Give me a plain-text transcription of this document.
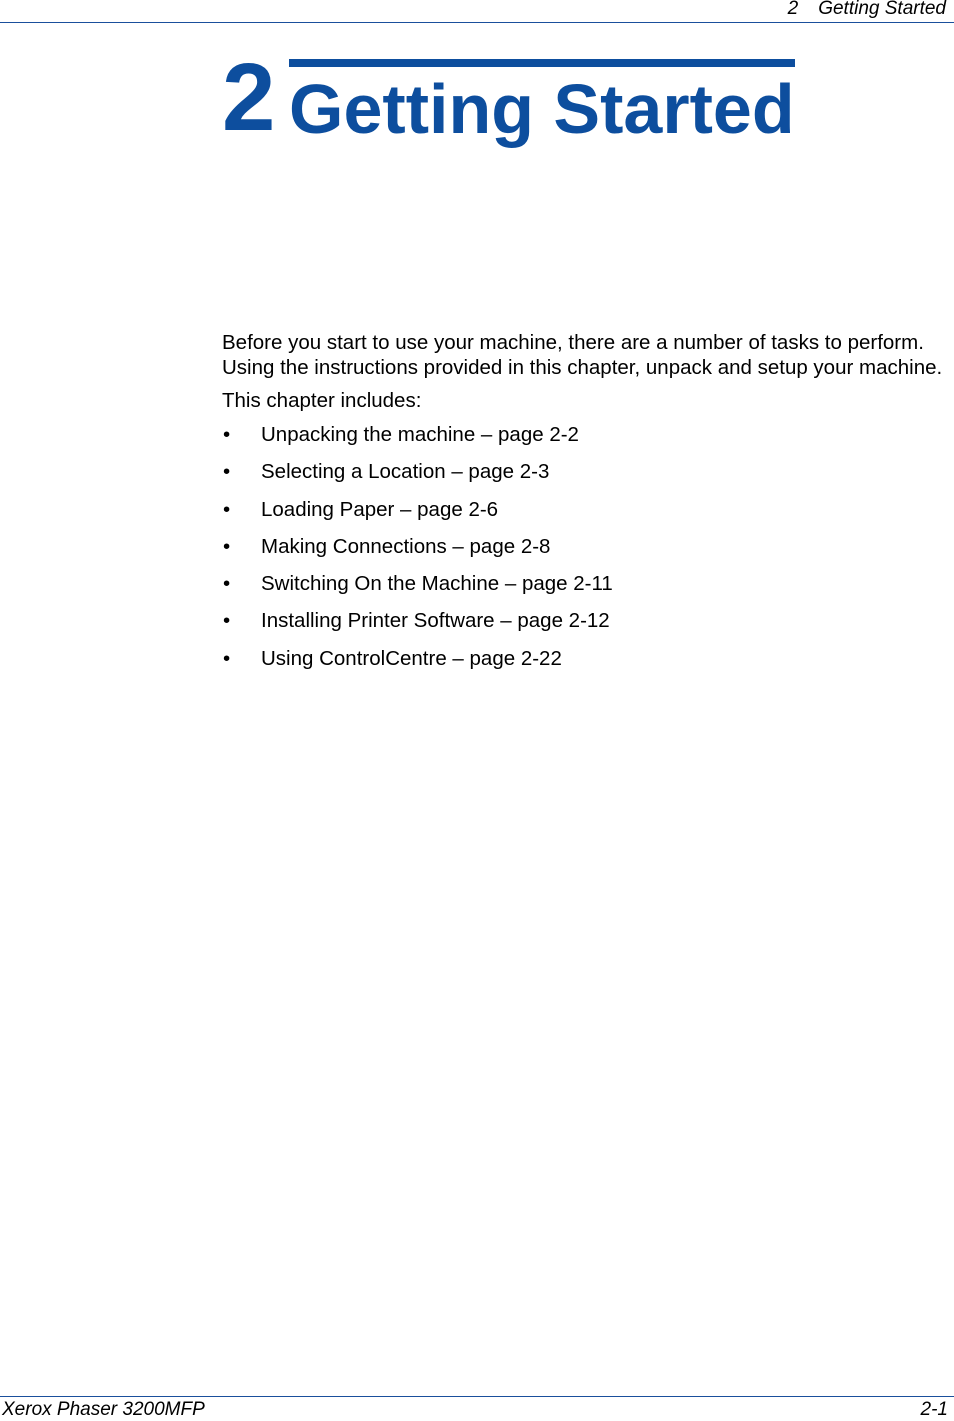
2 Getting Started
2 Getting Started

Before you start to use your machine, there are a number of tasks to perform. Using the instructions provided in this chapter, unpack and setup your machine.

This chapter includes:

• Unpacking the machine – page 2-2
• Selecting a Location – page 2-3
• Loading Paper – page 2-6
• Making Connections – page 2-8
• Switching On the Machine – page 2-11
• Installing Printer Software – page 2-12
• Using ControlCentre – page 2-22
Xerox Phaser 3200MFP	2-1
